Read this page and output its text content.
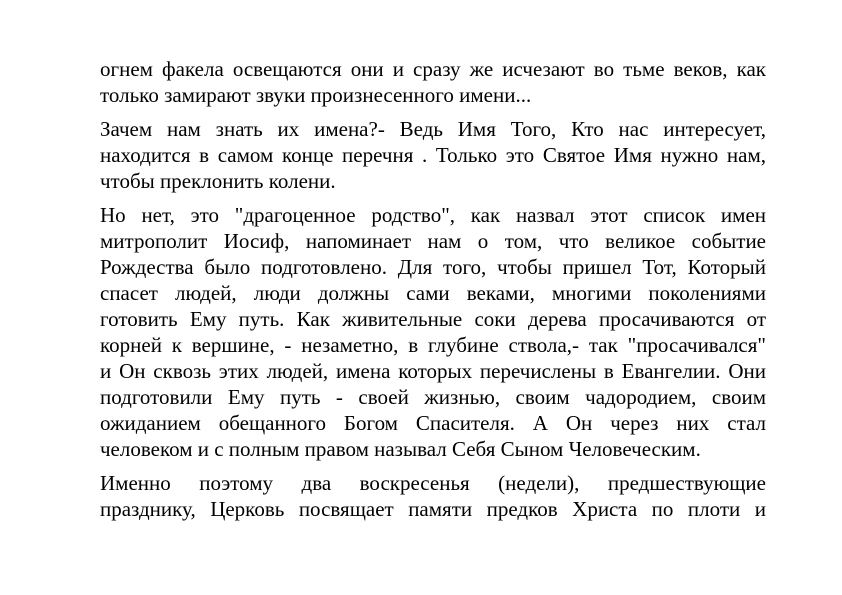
огнем факела освещаются они и сразу же исчезают во тьме веков, как
только замирают звуки произнесенного имени...

Зачем нам знать их имена?- Ведь Имя Того, Кто нас интересует,
находится в самом конце перечня . Только это Святое Имя нужно нам,
чтобы преклонить колени.

Но нет, это "драгоценное родство", как назвал этот список имен
митрополит Иосиф, напоминает нам о том, что великое событие
Рождества было подготовлено. Для того, чтобы пришел Тот, Который
спасет людей, люди должны сами веками, многими поколениями
готовить Ему путь. Как живительные соки дерева просачиваются от
корней к вершине, - незаметно, в глубине ствола,- так "просачивался"
и Он сквозь этих людей, имена которых перечислены в Евангелии. Они
подготовили Ему путь - своей жизнью, своим чадородием, своим
ожиданием обещанного Богом Спасителя. А Он через них стал
человеком и с полным правом называл Себя Сыном Человеческим.

Именно поэтому два воскресенья (недели), предшествующие
празднику, Церковь посвящает памяти предков Христа по плоти и
